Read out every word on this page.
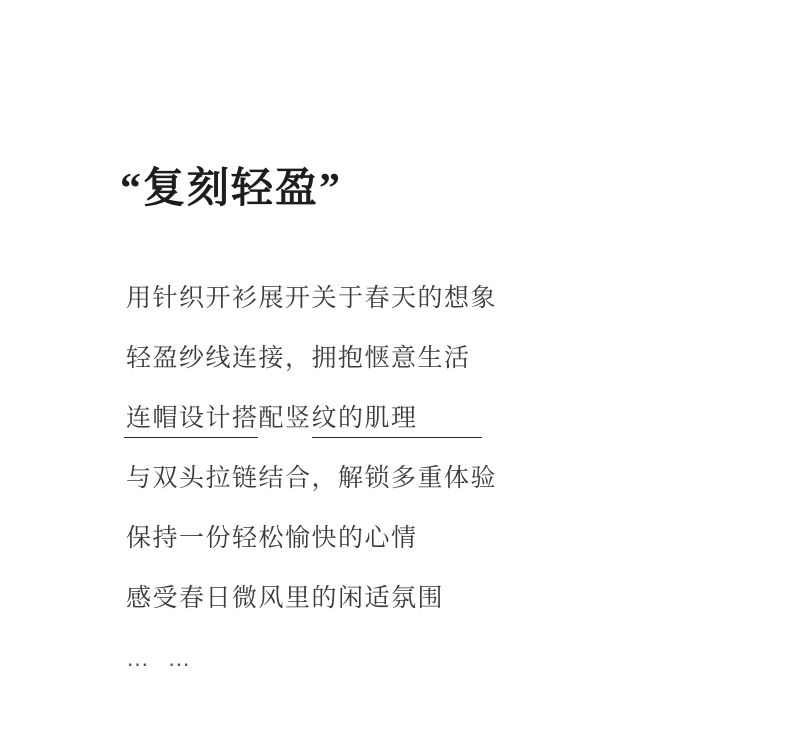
“复刻轻盈”
用针织开衫展开关于春天的想象
轻盈纱线连接，拥抱惬意生活
连帽设计搭配竖纹的肌理
与双头拉链结合，解锁多重体验
保持一份轻松愉快的心情
感受春日微风里的闲适氛围
… …
